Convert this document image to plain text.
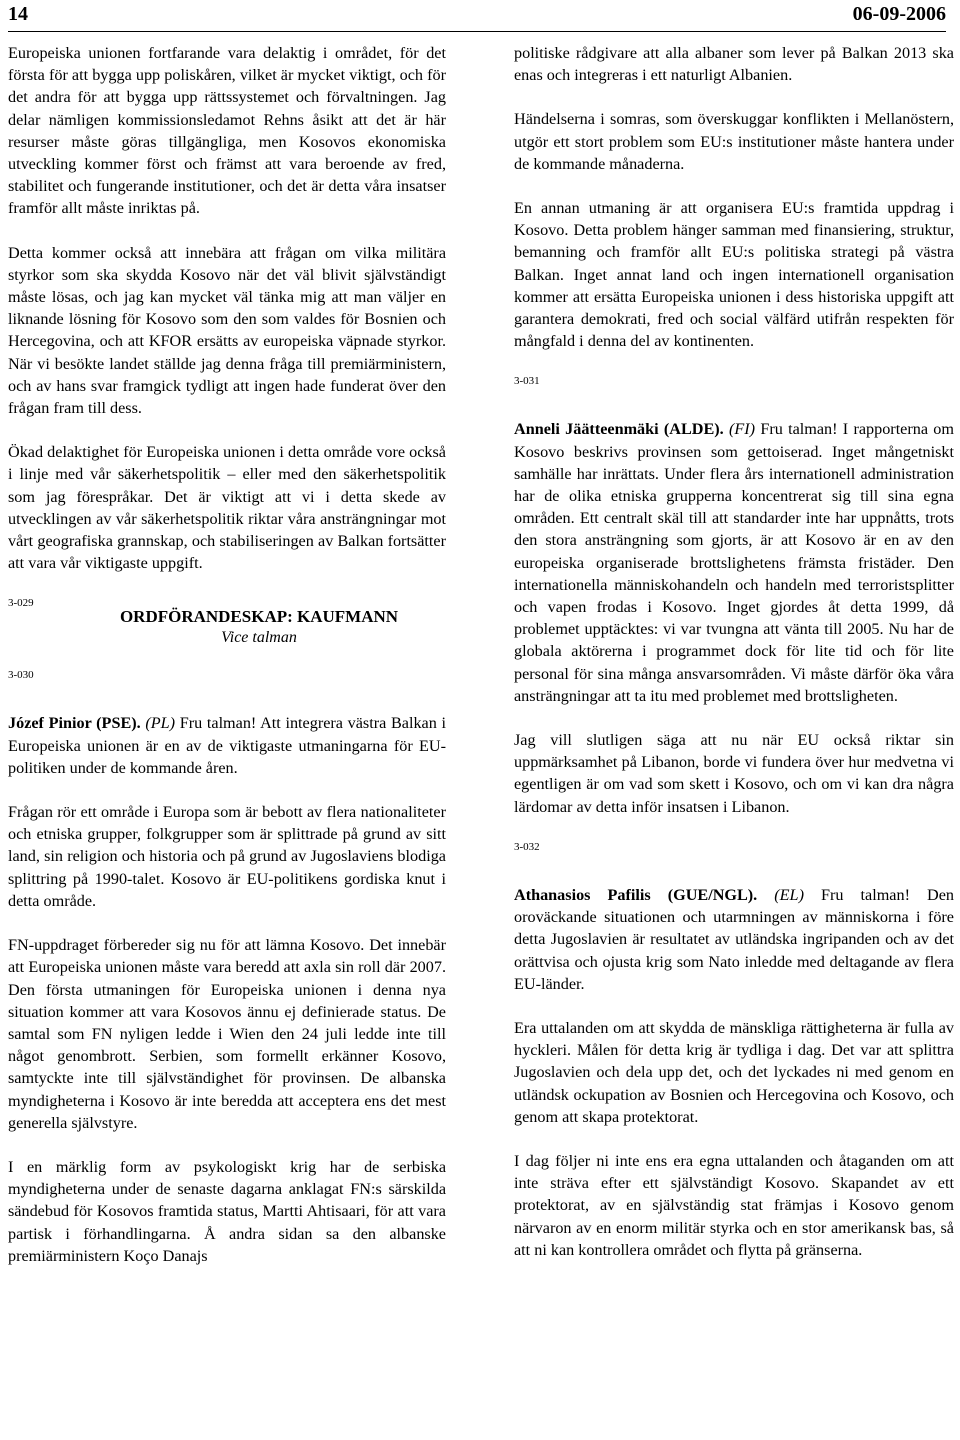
14	06-09-2006

Europeiska unionen fortfarande vara delaktig i området, för det första för att bygga upp poliskåren, vilket är mycket viktigt, och för det andra för att bygga upp rättssystemet och förvaltningen. Jag delar nämligen kommissionsledamot Rehns åsikt att det är här resurser måste göras tillgängliga, men Kosovos ekonomiska utveckling kommer först och främst att vara beroende av fred, stabilitet och fungerande institutioner, och det är detta våra insatser framför allt måste inriktas på.

Detta kommer också att innebära att frågan om vilka militära styrkor som ska skydda Kosovo när det väl blivit självständigt måste lösas, och jag kan mycket väl tänka mig att man väljer en liknande lösning för Kosovo som den som valdes för Bosnien och Hercegovina, och att KFOR ersätts av europeiska väpnade styrkor. När vi besökte landet ställde jag denna fråga till premiärministern, och av hans svar framgick tydligt att ingen hade funderat över den frågan fram till dess.

Ökad delaktighet för Europeiska unionen i detta område vore också i linje med vår säkerhetspolitik – eller med den säkerhetspolitik som jag förespråkar. Det är viktigt att vi i detta skede av utvecklingen av vår säkerhetspolitik riktar våra ansträngningar mot vårt geografiska grannskap, och stabiliseringen av Balkan fortsätter att vara vår viktigaste uppgift.

3-029
ORDFÖRANDESKAP: KAUFMANN
Vice talman
3-030

Józef Pinior (PSE). (PL) Fru talman! Att integrera västra Balkan i Europeiska unionen är en av de viktigaste utmaningarna för EU-politiken under de kommande åren.

Frågan rör ett område i Europa som är bebott av flera nationaliteter och etniska grupper, folkgrupper som är splittrade på grund av sitt land, sin religion och historia och på grund av Jugoslaviens blodiga splittring på 1990-talet. Kosovo är EU-politikens gordiska knut i detta område.

FN-uppdraget förbereder sig nu för att lämna Kosovo. Det innebär att Europeiska unionen måste vara beredd att axla sin roll där 2007. Den första utmaningen för Europeiska unionen i denna nya situation kommer att vara Kosovos ännu ej definierade status. De samtal som FN nyligen ledde i Wien den 24 juli ledde inte till något genombrott. Serbien, som formellt erkänner Kosovo, samtyckte inte till självständighet för provinsen. De albanska myndigheterna i Kosovo är inte beredda att acceptera ens det mest generella självstyre.

I en märklig form av psykologiskt krig har de serbiska myndigheterna under de senaste dagarna anklagat FN:s särskilda sändebud för Kosovos framtida status, Martti Ahtisaari, för att vara partisk i förhandlingarna. Å andra sidan sa den albanske premiärministern Koço Danajs

politiske rådgivare att alla albaner som lever på Balkan 2013 ska enas och integreras i ett naturligt Albanien.

Händelserna i somras, som överskuggar konflikten i Mellanöstern, utgör ett stort problem som EU:s institutioner måste hantera under de kommande månaderna.

En annan utmaning är att organisera EU:s framtida uppdrag i Kosovo. Detta problem hänger samman med finansiering, struktur, bemanning och framför allt EU:s politiska strategi på västra Balkan. Inget annat land och ingen internationell organisation kommer att ersätta Europeiska unionen i dess historiska uppgift att garantera demokrati, fred och social välfärd utifrån respekten för mångfald i denna del av kontinenten.

3-031

Anneli Jäätteenmäki (ALDE). (FI) Fru talman! I rapporterna om Kosovo beskrivs provinsen som gettoiserad. Inget mångetniskt samhälle har inrättats. Under flera års internationell administration har de olika etniska grupperna koncentrerat sig till sina egna områden. Ett centralt skäl till att standarder inte har uppnåtts, trots den stora ansträngning som gjorts, är att Kosovo är en av den europeiska organiserade brottslighetens främsta fristäder. Den internationella människohandeln och handeln med terroristsplitter och vapen frodas i Kosovo. Inget gjordes åt detta 1999, då problemet upptäcktes: vi var tvungna att vänta till 2005. Nu har de globala aktörerna i programmet dock för lite tid och för lite personal för sina många ansvarsområden. Vi måste därför öka våra ansträngningar att ta itu med problemet med brottsligheten.

Jag vill slutligen säga att nu när EU också riktar sin uppmärksamhet på Libanon, borde vi fundera över hur medvetna vi egentligen är om vad som skett i Kosovo, och om vi kan dra några lärdomar av detta inför insatsen i Libanon.

3-032

Athanasios Pafilis (GUE/NGL). (EL) Fru talman! Den oroväckande situationen och utarmningen av människorna i före detta Jugoslavien är resultatet av utländska ingripanden och av det orättvisa och ojusta krig som Nato inledde med deltagande av flera EU-länder.

Era uttalanden om att skydda de mänskliga rättigheterna är fulla av hyckleri. Målen för detta krig är tydliga i dag. Det var att splittra Jugoslavien och dela upp det, och det lyckades ni med genom en utländsk ockupation av Bosnien och Hercegovina och Kosovo, och genom att skapa protektorat.

I dag följer ni inte ens era egna uttalanden och åtaganden om att inte sträva efter ett självständigt Kosovo. Skapandet av ett protektorat, av en självständig stat främjas i Kosovo genom närvaron av en enorm militär styrka och en stor amerikansk bas, så att ni kan kontrollera området och flytta på gränserna.
